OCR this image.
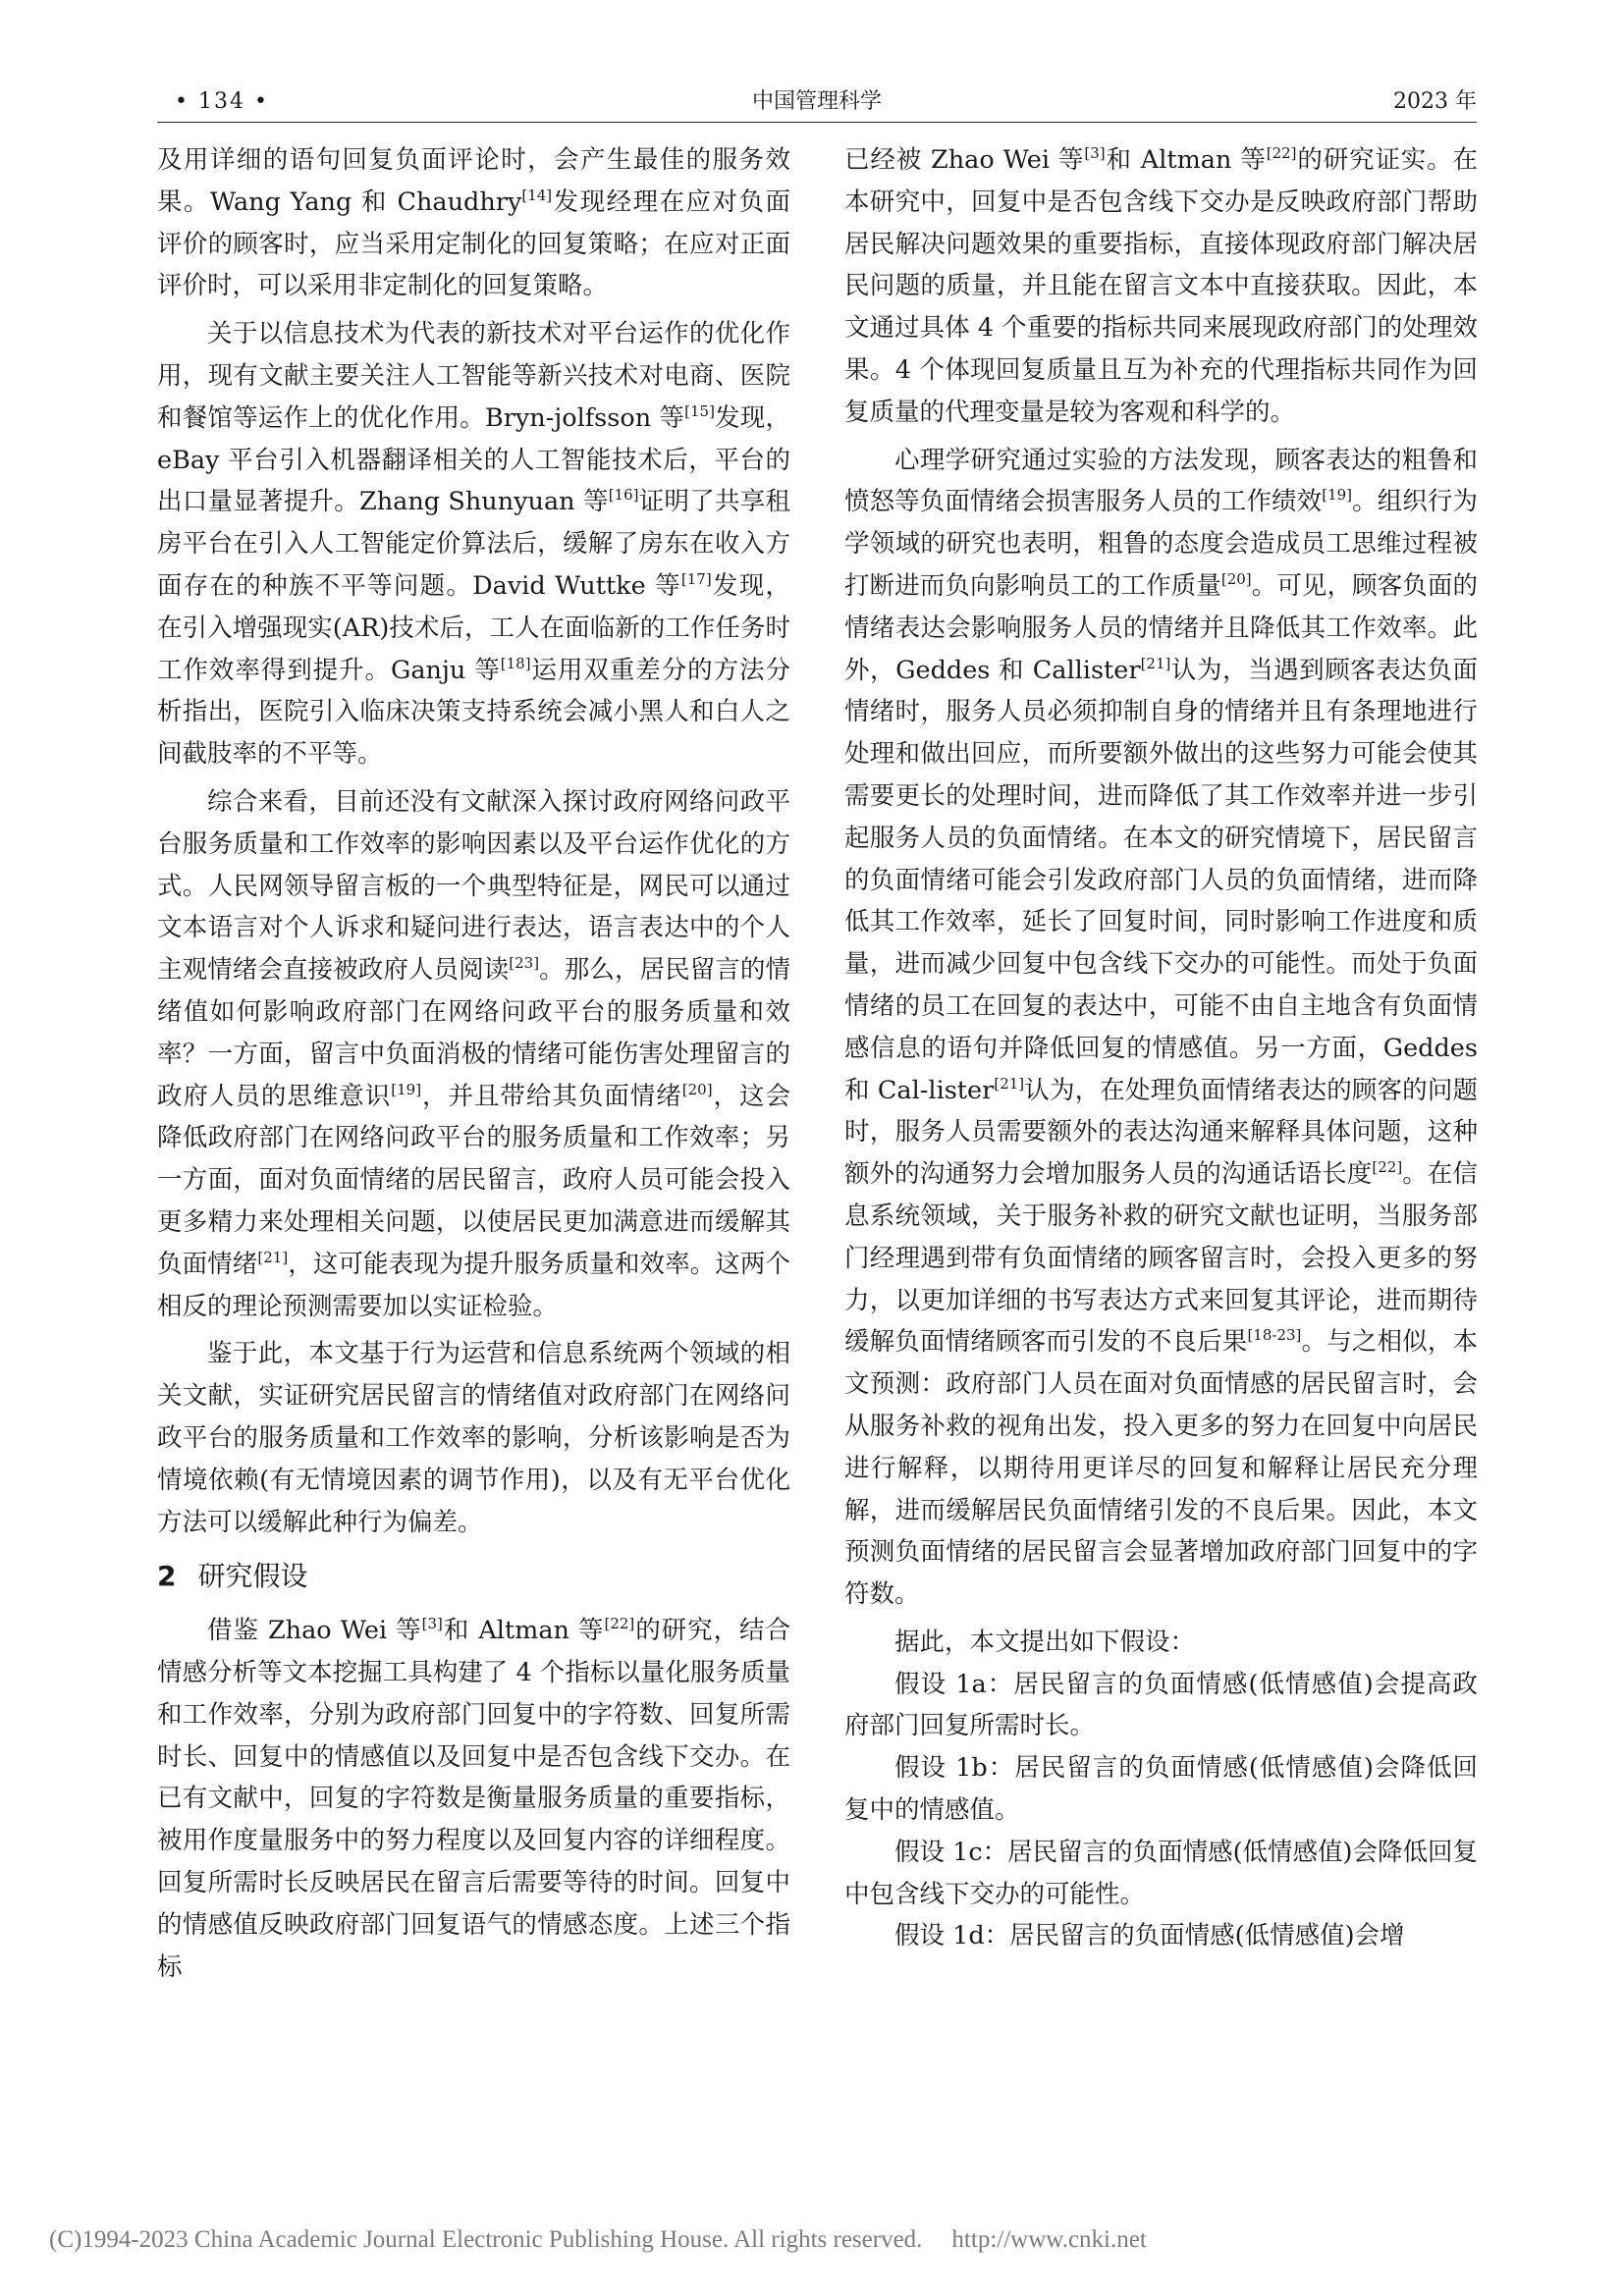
• 134 •	中国管理科学	2023 年

及用详细的语句回复负面评论时，会产生最佳的服务效果。Wang Yang 和 Chaudhry[14]发现经理在应对负面评价的顾客时，应当采用定制化的回复策略；在应对正面评价时，可以采用非定制化的回复策略。

关于以信息技术为代表的新技术对平台运作的优化作用，现有文献主要关注人工智能等新兴技术对电商、医院和餐馆等运作上的优化作用。Bryn-jolfsson 等[15]发现，eBay 平台引入机器翻译相关的人工智能技术后，平台的出口量显著提升。Zhang Shunyuan 等[16]证明了共享租房平台在引入人工智能定价算法后，缓解了房东在收入方面存在的种族不平等问题。David Wuttke 等[17]发现，在引入增强现实(AR)技术后，工人在面临新的工作任务时工作效率得到提升。Ganju 等[18]运用双重差分的方法分析指出，医院引入临床决策支持系统会减小黑人和白人之间截肢率的不平等。

综合来看，目前还没有文献深入探讨政府网络问政平台服务质量和工作效率的影响因素以及平台运作优化的方式。人民网领导留言板的一个典型特征是，网民可以通过文本语言对个人诉求和疑问进行表达，语言表达中的个人主观情绪会直接被政府人员阅读[23]。那么，居民留言的情绪值如何影响政府部门在网络问政平台的服务质量和效率？一方面，留言中负面消极的情绪可能伤害处理留言的政府人员的思维意识[19]，并且带给其负面情绪[20]，这会降低政府部门在网络问政平台的服务质量和工作效率；另一方面，面对负面情绪的居民留言，政府人员可能会投入更多精力来处理相关问题，以使居民更加满意进而缓解其负面情绪[21]，这可能表现为提升服务质量和效率。这两个相反的理论预测需要加以实证检验。

鉴于此，本文基于行为运营和信息系统两个领域的相关文献，实证研究居民留言的情绪值对政府部门在网络问政平台的服务质量和工作效率的影响，分析该影响是否为情境依赖(有无情境因素的调节作用)，以及有无平台优化方法可以缓解此种行为偏差。

2 研究假设

借鉴 Zhao Wei 等[3]和 Altman 等[22]的研究，结合情感分析等文本挖掘工具构建了 4 个指标以量化服务质量和工作效率，分别为政府部门回复中的字符数、回复所需时长、回复中的情感值以及回复中是否包含线下交办。在已有文献中，回复的字符数是衡量服务质量的重要指标，被用作度量服务中的努力程度以及回复内容的详细程度。回复所需时长反映居民在留言后需要等待的时间。回复中的情感值反映政府部门回复语气的情感态度。上述三个指标

已经被 Zhao Wei 等[3]和 Altman 等[22]的研究证实。在本研究中，回复中是否包含线下交办是反映政府部门帮助居民解决问题效果的重要指标，直接体现政府部门解决居民问题的质量，并且能在留言文本中直接获取。因此，本文通过具体 4 个重要的指标共同来展现政府部门的处理效果。4 个体现回复质量且互为补充的代理指标共同作为回复质量的代理变量是较为客观和科学的。

心理学研究通过实验的方法发现，顾客表达的粗鲁和愤怒等负面情绪会损害服务人员的工作绩效[19]。组织行为学领域的研究也表明，粗鲁的态度会造成员工思维过程被打断进而负向影响员工的工作质量[20]。可见，顾客负面的情绪表达会影响服务人员的情绪并且降低其工作效率。此外，Geddes 和 Callister[21]认为，当遇到顾客表达负面情绪时，服务人员必须抑制自身的情绪并且有条理地进行处理和做出回应，而所要额外做出的这些努力可能会使其需要更长的处理时间，进而降低了其工作效率并进一步引起服务人员的负面情绪。在本文的研究情境下，居民留言的负面情绪可能会引发政府部门人员的负面情绪，进而降低其工作效率，延长了回复时间，同时影响工作进度和质量，进而减少回复中包含线下交办的可能性。而处于负面情绪的员工在回复的表达中，可能不由自主地含有负面情感信息的语句并降低回复的情感值。另一方面，Geddes 和 Cal-lister[21]认为，在处理负面情绪表达的顾客的问题时，服务人员需要额外的表达沟通来解释具体问题，这种额外的沟通努力会增加服务人员的沟通话语长度[22]。在信息系统领域，关于服务补救的研究文献也证明，当服务部门经理遇到带有负面情绪的顾客留言时，会投入更多的努力，以更加详细的书写表达方式来回复其评论，进而期待缓解负面情绪顾客而引发的不良后果[18-23]。与之相似，本文预测：政府部门人员在面对负面情感的居民留言时，会从服务补救的视角出发，投入更多的努力在回复中向居民进行解释，以期待用更详尽的回复和解释让居民充分理解，进而缓解居民负面情绪引发的不良后果。因此，本文预测负面情绪的居民留言会显著增加政府部门回复中的字符数。

据此，本文提出如下假设：

假设 1a：居民留言的负面情感(低情感值)会提高政府部门回复所需时长。

假设 1b：居民留言的负面情感(低情感值)会降低回复中的情感值。

假设 1c：居民留言的负面情感(低情感值)会降低回复中包含线下交办的可能性。

假设 1d：居民留言的负面情感(低情感值)会增

(C)1994-2023 China Academic Journal Electronic Publishing House. All rights reserved. http://www.cnki.net
